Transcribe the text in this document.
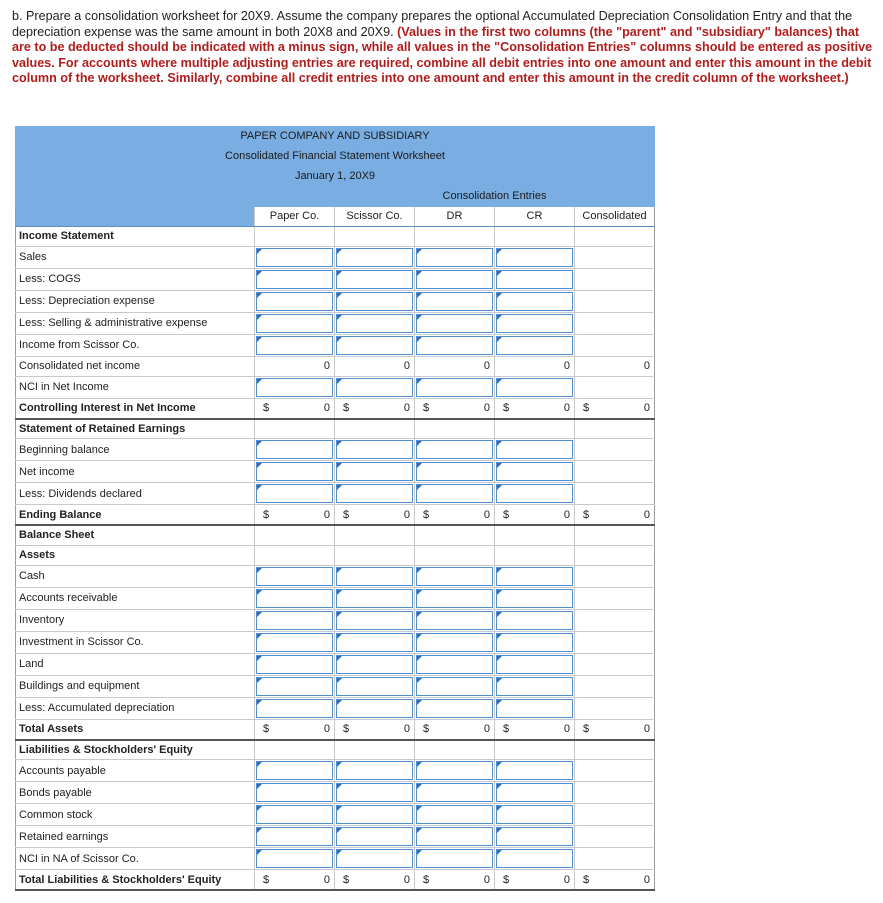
b. Prepare a consolidation worksheet for 20X9. Assume the company prepares the optional Accumulated Depreciation Consolidation Entry and that the depreciation expense was the same amount in both 20X8 and 20X9. (Values in the first two columns (the "parent" and "subsidiary" balances) that are to be deducted should be indicated with a minus sign, while all values in the "Consolidation Entries" columns should be entered as positive values. For accounts where multiple adjusting entries are required, combine all debit entries into one amount and enter this amount in the debit column of the worksheet. Similarly, combine all credit entries into one amount and enter this amount in the credit column of the worksheet.)
PAPER COMPANY AND SUBSIDIARY					
Consolidated Financial Statement Worksheet					
January 1, 20X9					
			Consolidation Entries		
	Paper Co.	Scissor Co.	DR	CR	Consolidated
Income Statement					
Sales	

Less: COGS	

Less: Depreciation expense	

Less: Selling & administrative expense	

Income from Scissor Co.	

Consolidated net income	0	0	0	0	0

NCI in Net Income	

Controlling Interest in Net Income	$ 0	$ 0	$ 0	$ 0	$ 0

Statement of Retained Earnings					
Beginning balance	

Net income	

Less: Dividends declared	

Ending Balance	$ 0	$ 0	$ 0	$ 0	$ 0

Balance Sheet					
Assets					
Cash	

Accounts receivable	

Inventory	

Investment in Scissor Co.	

Land	

Buildings and equipment	

Less: Accumulated depreciation	

Total Assets	$ 0	$ 0	$ 0	$ 0	$ 0

Liabilities & Stockholders' Equity					
Accounts payable	

Bonds payable	

Common stock	

Retained earnings	

NCI in NA of Scissor Co.	

Total Liabilities & Stockholders' Equity	$ 0	$ 0	$ 0	$ 0	$ 0
